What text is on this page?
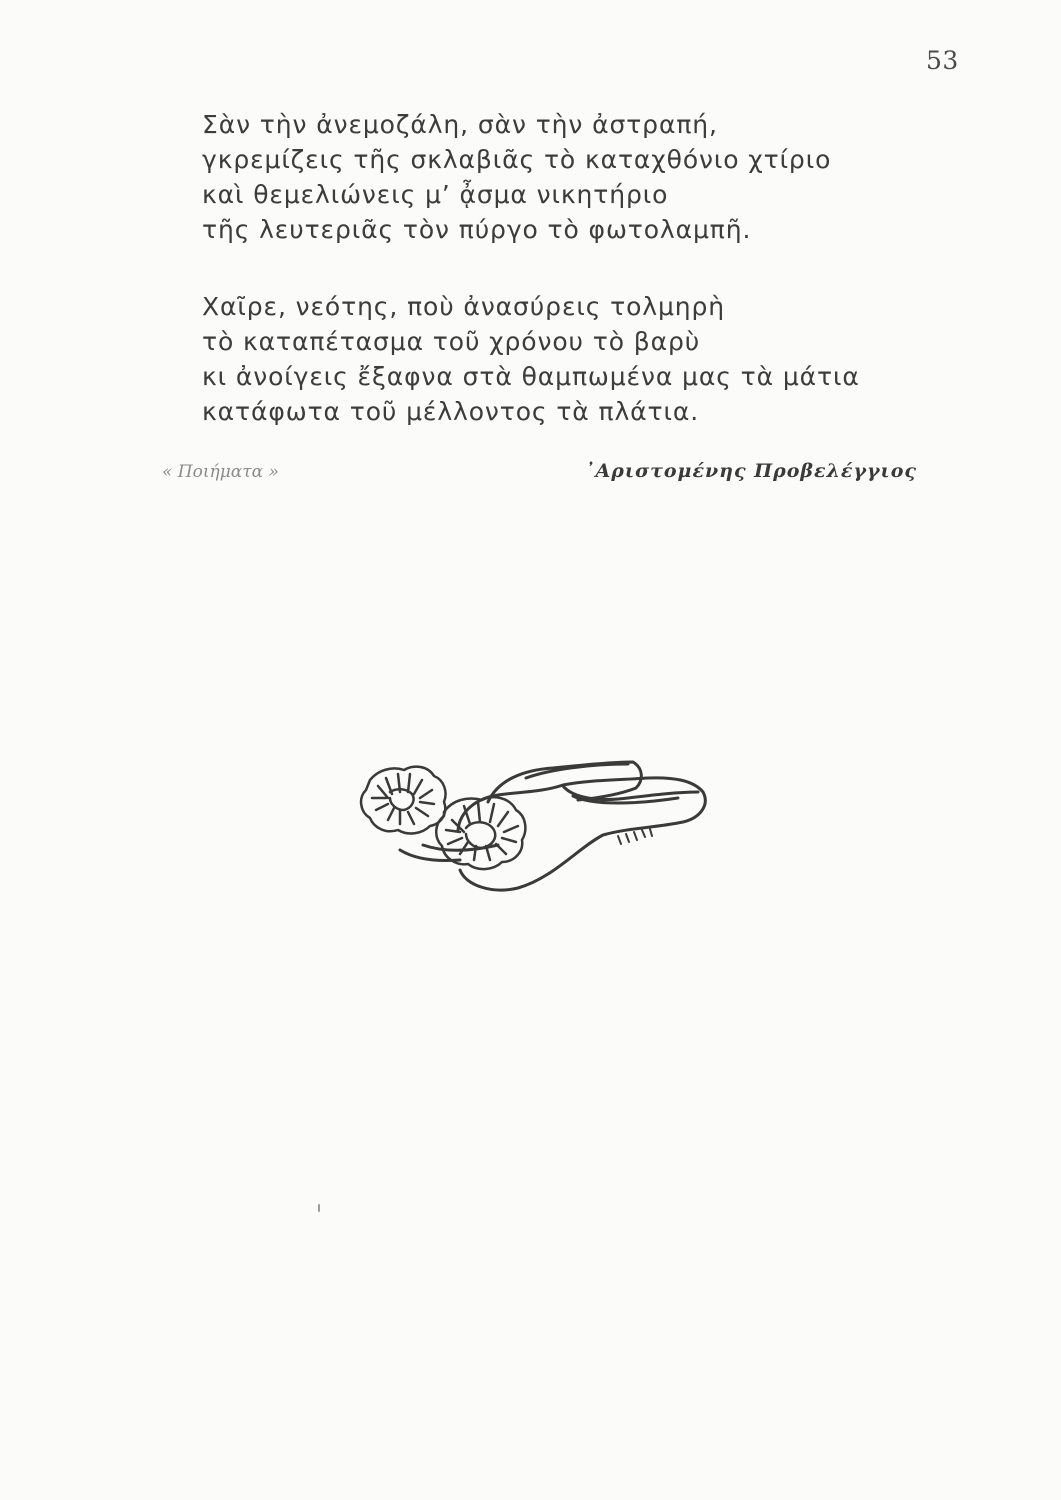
53
Σὰν τὴν ἀνεμοζάλη, σὰν τὴν ἀστραπή,
γκρεμίζεις τῆς σκλαβιᾶς τὸ καταχθόνιο χτίριο
καὶ θεμελιώνεις μ’ ᾆσμα νικητήριο
τῆς λευτεριᾶς τὸν πύργο τὸ φωτολαμπῆ.
Χαῖρε, νεότης, ποὺ ἀνασύρεις τολμηρὴ
τὸ καταπέτασμα τοῦ χρόνου τὸ βαρὺ
κι ἀνοίγεις ἔξαφνα στὰ θαμπωμένα μας τὰ μάτια
κατάφωτα τοῦ μέλλοντος τὰ πλάτια.
« Ποιήματα »	᾿Αριστομένης Προβελέγγιος
